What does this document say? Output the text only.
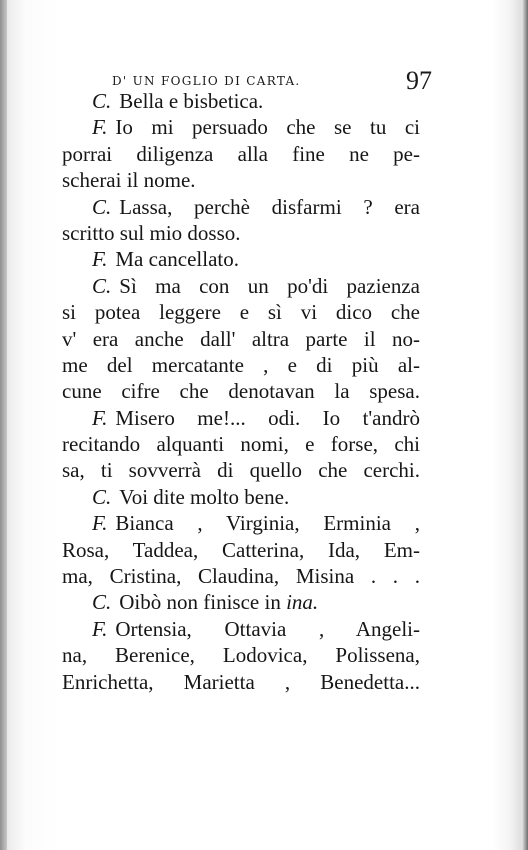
D' UN FOGLIO DI CARTA.	97
C. Bella e bisbetica.
F. Io mi persuado che se tu ci
porrai diligenza alla fine ne pe-
scherai il nome.
C. Lassa, perchè disfarmi ? era
scritto sul mio dosso.
F. Ma cancellato.
C. Sì ma con un po'di pazienza
si potea leggere e sì vi dico che
v' era anche dall' altra parte il no-
me del mercatante , e di più al-
cune cifre che denotavan la spesa.
F. Misero me!... odi. Io t'andrò
recitando alquanti nomi, e forse, chi
sa, ti sovverrà di quello che cerchi.
C. Voi dite molto bene.
F. Bianca , Virginia, Erminia ,
Rosa, Taddea, Catterina, Ida, Em-
ma, Cristina, Claudina, Misina . . .
C. Oibò non finisce in ina.
F. Ortensia, Ottavia , Angeli-
na, Berenice, Lodovica, Polissena,
Enrichetta, Marietta , Benedetta...
